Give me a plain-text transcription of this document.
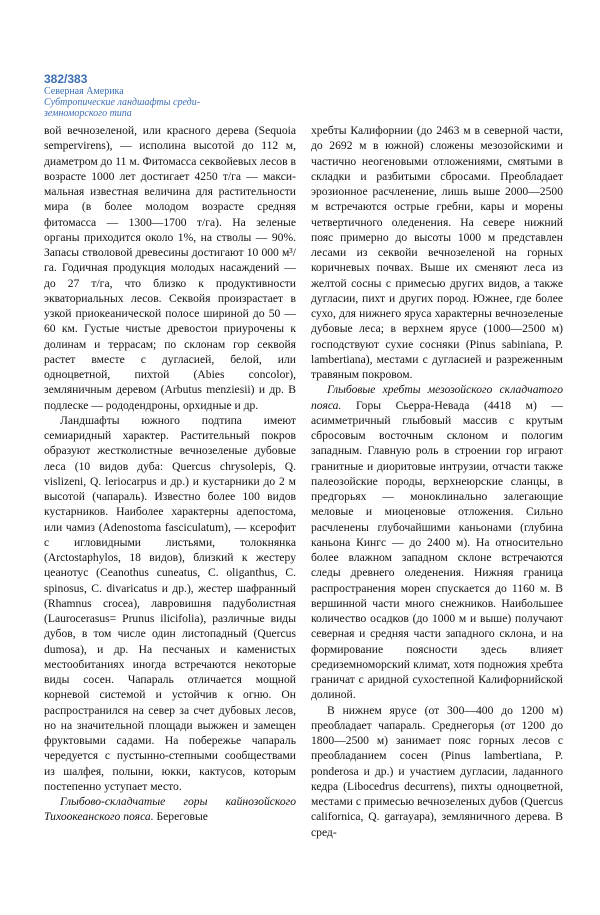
382/383
Северная Америка
Субтропические ландшафты среди-
земноморского типа

вой вечнозеленой, или красного дерева (Sequoia sempervirens), — исполина высотой до 112 м, диаметром до 11 м. Фитомасса секвойевых лесов в возрасте 1000 лет достигает 4250 т/га — максимальная известная величина для растительности мира (в более молодом возрасте средняя фитомасса — 1300—1700 т/га). На зеленые органы приходится около 1%, на стволы — 90%. Запасы стволовой древесины достигают 10 000 м³/га. Годичная продукция молодых насаждений — до 27 т/га, что близко к продуктивности экваториальных лесов. Секвойя произрастает в узкой приокеанической полосе шириной до 50 — 60 км. Густые чистые древостои приурочены к долинам и террасам; по склонам гор секвойя растет вместе с дугласией, белой, или одноцветной, пихтой (Abies concolor), земляничным деревом (Arbutus menziesii) и др. В подлеске — рододендроны, орхидные и др.

Ландшафты южного подтипа имеют семиаридный характер. Растительный покров образуют жестколистные вечнозеленые дубовые леса (10 видов дуба: Quercus chrysolepis, Q. vislizeni, Q. leriocarpus и др.) и кустарники до 2 м высотой (чапараль). Известно более 100 видов кустарников. Наиболее характерны адепостома, или чамиз (Adenostoma fasciculatum), — ксерофит с игловидными листьями, толокнянка (Arctostaphylos, 18 видов), близкий к жестеру цеанотус (Ceanothus cuneatus, C. oliganthus, C. spinosus, C. divaricatus и др.), жестер шафранный (Rhamnus crocea), лавровишня падуболистная (Laurocerasus= Prunus ilicifolia), различные виды дубов, в том числе один листопадный (Quercus dumosa), и др. На песчаных и каменистых местообитаниях иногда встречаются некоторые виды сосен. Чапараль отличается мощной корневой системой и устойчив к огню. Он распространился на север за счет дубовых лесов, но на значительной площади выжжен и замещен фруктовыми садами. На побережье чапараль чередуется с пустынно-степными сообществами из шалфея, полыни, юкки, кактусов, которым постепенно уступает место.

Глыбово-складчатые горы кайнозойского Тихоокеанского пояса. Береговые

хребты Калифорнии (до 2463 м в северной части, до 2692 м в южной) сложены мезозойскими и частично неогеновыми отложениями, смятыми в складки и разбитыми сбросами. Преобладает эрозионное расчленение, лишь выше 2000—2500 м встречаются острые гребни, кары и морены четвертичного оледенения. На севере нижний пояс примерно до высоты 1000 м представлен лесами из секвойи вечнозеленой на горных коричневых почвах. Выше их сменяют леса из желтой сосны с примесью других видов, а также дугласии, пихт и других пород. Южнее, где более сухо, для нижнего яруса характерны вечнозеленые дубовые леса; в верхнем ярусе (1000—2500 м) господствуют сухие сосняки (Pinus sabiniana, P. lambertiana), местами с дугласией и разреженным травяным покровом.

Глыбовые хребты мезозойского складчатого пояса. Горы Сьерра-Невада (4418 м) — асимметричный глыбовый массив с крутым сбросовым восточным склоном и пологим западным. Главную роль в строении гор играют гранитные и диоритовые интрузии, отчасти также палеозойские породы, верхнеюрские сланцы, в предгорьях — моноклинально залегающие меловые и миоценовые отложения. Сильно расчленены глубочайшими каньонами (глубина каньона Кингс — до 2400 м). На относительно более влажном западном склоне встречаются следы древнего оледенения. Нижняя граница распространения морен спускается до 1160 м. В вершинной части много снежников. Наибольшее количество осадков (до 1000 м и выше) получают северная и средняя части западного склона, и на формирование поясности здесь влияет средиземноморский климат, хотя подножия хребта граничат с аридной сухостепной Калифорнийской долиной.

В нижнем ярусе (от 300—400 до 1200 м) преобладает чапараль. Среднегорья (от 1200 до 1800—2500 м) занимает пояс горных лесов с преобладанием сосен (Pinus lambertiana, P. ponderosa и др.) и участием дугласии, ладанного кедра (Libocedrus decurrens), пихты одноцветной, местами с примесью вечнозеленых дубов (Quercus californica, Q. garrayapa), земляничного дерева. В сред-
